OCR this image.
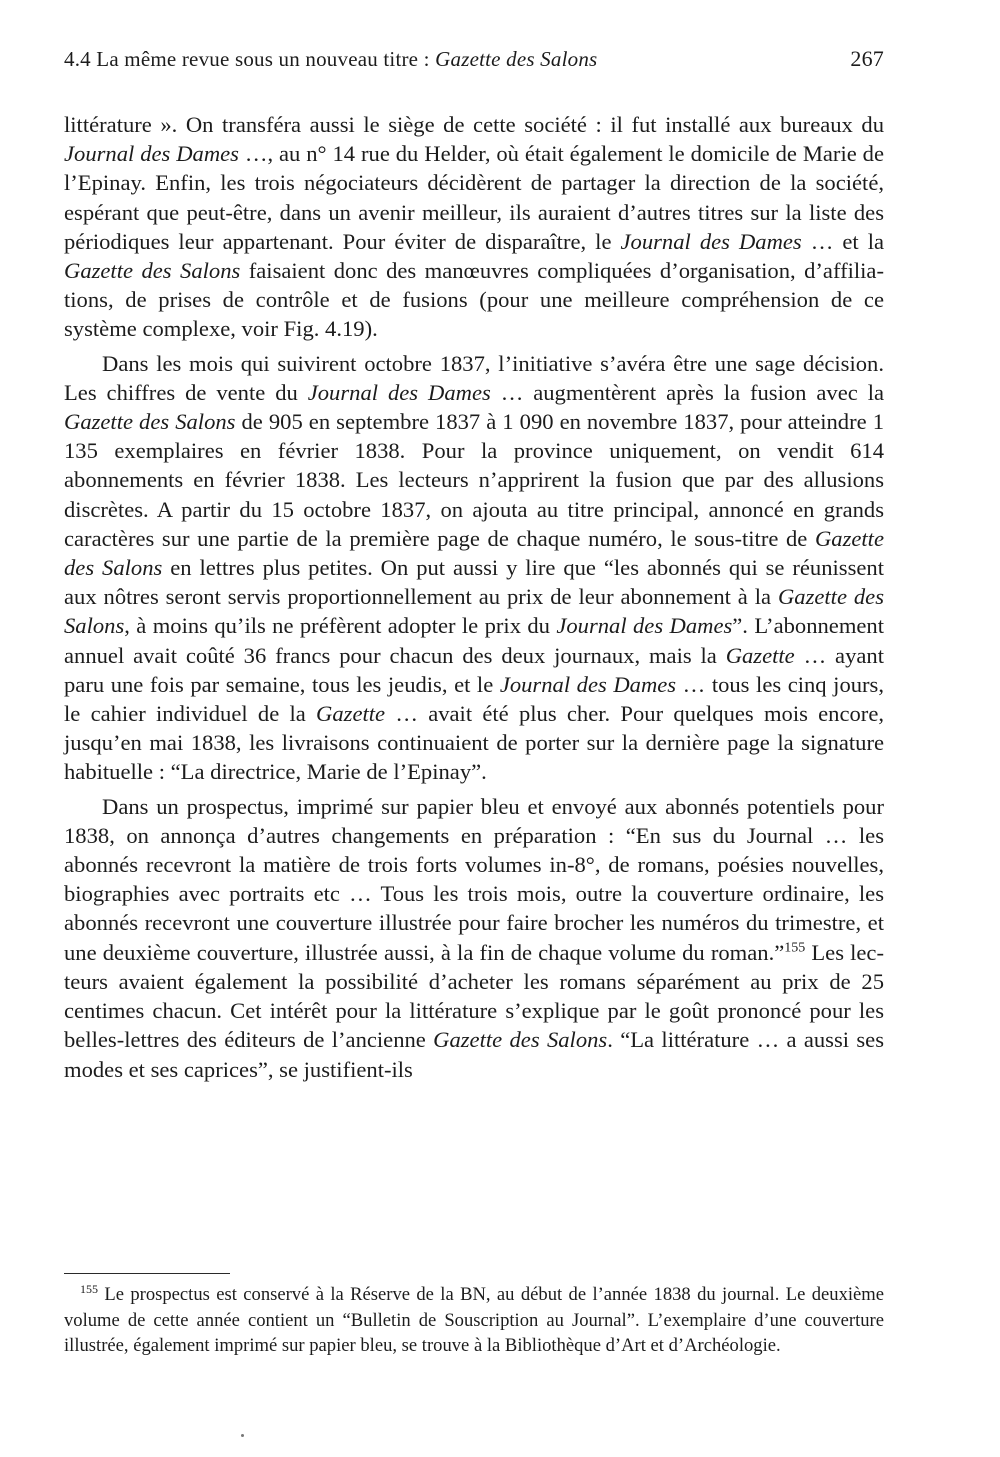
4.4 La même revue sous un nouveau titre : Gazette des Salons	267

littérature ». On transféra aussi le siège de cette société : il fut installé aux bureaux du Journal des Dames …, au n° 14 rue du Helder, où était également le domicile de Marie de l’Epinay. Enfin, les trois négociateurs décidèrent de partager la direction de la société, espérant que peut-être, dans un avenir meilleur, ils auraient d’autres titres sur la liste des périodiques leur appartenant. Pour éviter de disparaître, le Journal des Dames … et la Gazette des Salons faisaient donc des manœuvres compliquées d’organisation, d’affiliations, de prises de contrôle et de fusions (pour une meilleure compréhension de ce système complexe, voir Fig. 4.19).

Dans les mois qui suivirent octobre 1837, l’initiative s’avéra être une sage décision. Les chiffres de vente du Journal des Dames … augmentèrent après la fusion avec la Gazette des Salons de 905 en septembre 1837 à 1 090 en novembre 1837, pour atteindre 1 135 exemplaires en février 1838. Pour la province uniquement, on vendit 614 abonnements en février 1838. Les lecteurs n’apprirent la fusion que par des allusions discrètes. A partir du 15 octobre 1837, on ajouta au titre principal, annoncé en grands caractères sur une partie de la première page de chaque numéro, le sous-titre de Gazette des Salons en lettres plus petites. On put aussi y lire que “les abonnés qui se réunissent aux nôtres seront servis proportionnellement au prix de leur abonnement à la Gazette des Salons, à moins qu’ils ne préfèrent adopter le prix du Journal des Dames”. L’abonnement annuel avait coûté 36 francs pour chacun des deux journaux, mais la Gazette … ayant paru une fois par semaine, tous les jeudis, et le Journal des Dames … tous les cinq jours, le cahier individuel de la Gazette … avait été plus cher. Pour quelques mois encore, jusqu’en mai 1838, les livraisons continuaient de porter sur la dernière page la signature habituelle : “La directrice, Marie de l’Epinay”.

Dans un prospectus, imprimé sur papier bleu et envoyé aux abonnés potentiels pour 1838, on annonça d’autres changements en préparation : “En sus du Journal … les abonnés recevront la matière de trois forts volumes in-8°, de romans, poésies nouvelles, biographies avec portraits etc … Tous les trois mois, outre la couverture ordinaire, les abonnés recevront une couverture illustrée pour faire brocher les numéros du trimestre, et une deuxième couverture, illustrée aussi, à la fin de chaque volume du roman.”$^{155}$ Les lecteurs avaient également la possibilité d’acheter les romans séparément au prix de 25 centimes chacun. Cet intérêt pour la littérature s’explique par le goût prononcé pour les belles-lettres des éditeurs de l’ancienne Gazette des Salons. “La littérature … a aussi ses modes et ses caprices”, se justifient-ils

$^{155}$ Le prospectus est conservé à la Réserve de la BN, au début de l’année 1838 du journal. Le deuxième volume de cette année contient un “Bulletin de Souscription au Journal”. L’exemplaire d’une couverture illustrée, également imprimé sur papier bleu, se trouve à la Bibliothèque d’Art et d’Archéologie.
